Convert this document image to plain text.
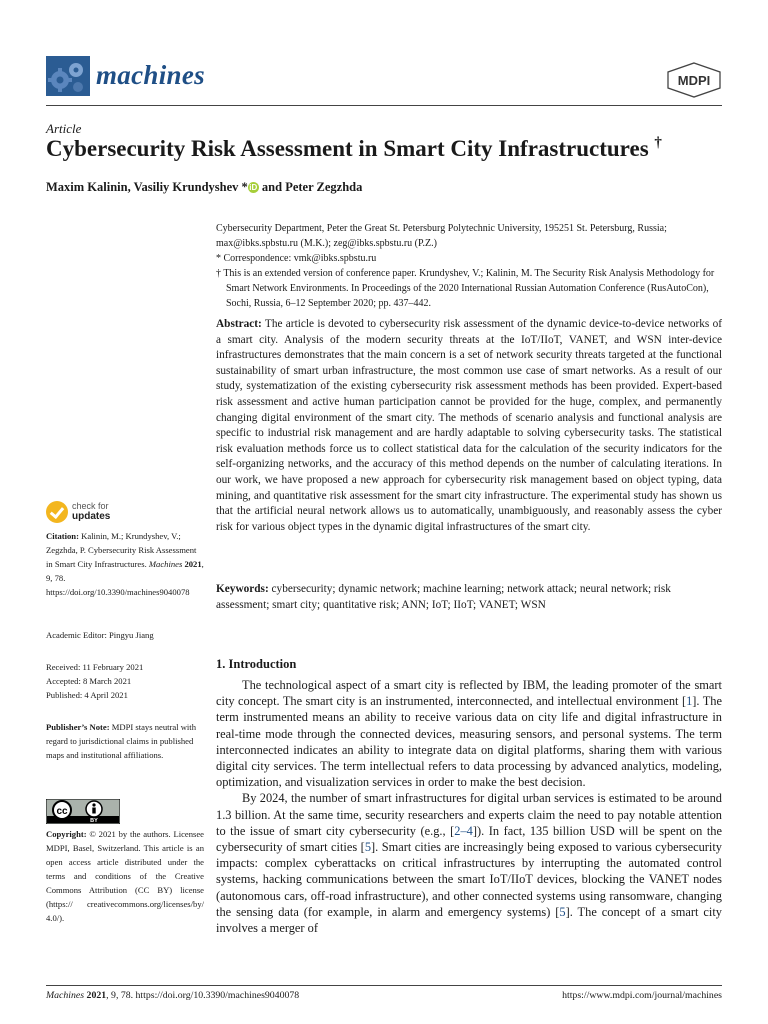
machines	MDPI
Article
Cybersecurity Risk Assessment in Smart City Infrastructures †
Maxim Kalinin, Vasiliy Krundyshev * iD and Peter Zegzhda

Cybersecurity Department, Peter the Great St. Petersburg Polytechnic University, 195251 St. Petersburg, Russia; max@ibks.spbstu.ru (M.K.); zeg@ibks.spbstu.ru (P.Z.)

* Correspondence: vmk@ibks.spbstu.ru

† This is an extended version of conference paper. Krundyshev, V.; Kalinin, M. The Security Risk Analysis Methodology for Smart Network Environments. In Proceedings of the 2020 International Russian Automation Conference (RusAutoCon), Sochi, Russia, 6–12 September 2020; pp. 437–442.

Abstract: The article is devoted to cybersecurity risk assessment of the dynamic device-to-device networks of a smart city. Analysis of the modern security threats at the IoT/IIoT, VANET, and WSN inter-device infrastructures demonstrates that the main concern is a set of network security threats targeted at the functional sustainability of smart urban infrastructure, the most common use case of smart networks. As a result of our study, systematization of the existing cybersecurity risk assessment methods has been provided. Expert-based risk assessment and active human participation cannot be provided for the huge, complex, and permanently changing digital environment of the smart city. The methods of scenario analysis and functional analysis are specific to industrial risk management and are hardly adaptable to solving cybersecurity tasks. The statistical risk evaluation methods force us to collect statistical data for the calculation of the security indicators for the self-organizing networks, and the accuracy of this method depends on the number of calculating iterations. In our work, we have proposed a new approach for cybersecurity risk management based on object typing, data mining, and quantitative risk assessment for the smart city infrastructure. The experimental study has shown us that the artificial neural network allows us to automatically, unambiguously, and reasonably assess the cyber risk for various object types in the dynamic digital infrastructures of the smart city.
Keywords: cybersecurity; dynamic network; machine learning; network attack; neural network; risk assessment; smart city; quantitative risk; ANN; IoT; IIoT; VANET; WSN
check for
updates

Citation: Kalinin, M.; Krundyshev, V.; Zegzhda, P. Cybersecurity Risk Assessment in Smart City Infrastructures. Machines 2021, 9, 78. https://doi.org/10.3390/machines9040078

Academic Editor: Pingyu Jiang

Received: 11 February 2021

Accepted: 8 March 2021

Published: 4 April 2021

Publisher’s Note: MDPI stays neutral with regard to jurisdictional claims in published maps and institutional affiliations.

cc
BY

Copyright: © 2021 by the authors. Licensee MDPI, Basel, Switzerland. This article is an open access article distributed under the terms and conditions of the Creative Commons Attribution (CC BY) license (https:// creativecommons.org/licenses/by/ 4.0/).

1. Introduction

The technological aspect of a smart city is reflected by IBM, the leading promoter of the smart city concept. The smart city is an instrumented, interconnected, and intellectual environment [1]. The term instrumented means an ability to receive various data on city life and digital infrastructure in real-time mode through the connected devices, measuring sensors, and personal systems. The term interconnected indicates an ability to integrate data on digital platforms, sharing them with various digital city services. The term intellectual refers to data processing by advanced analytics, modeling, optimization, and visualization services in order to make the best decision.

By 2024, the number of smart infrastructures for digital urban services is estimated to be around 1.3 billion. At the same time, security researchers and experts claim the need to pay notable attention to the issue of smart city cybersecurity (e.g., [2–4]). In fact, 135 billion USD will be spent on the cybersecurity of smart cities [5]. Smart cities are increasingly being exposed to various cybersecurity impacts: complex cyberattacks on critical infrastructures by interrupting the automated control systems, hacking communications between the smart IoT/IIoT devices, blocking the VANET nodes (autonomous cars, off-road infrastructure), and other connected systems using ransomware, changing the sensing data (for example, in alarm and emergency systems) [5]. The concept of a smart city involves a merger of

Machines 2021, 9, 78. https://doi.org/10.3390/machines9040078	https://www.mdpi.com/journal/machines
